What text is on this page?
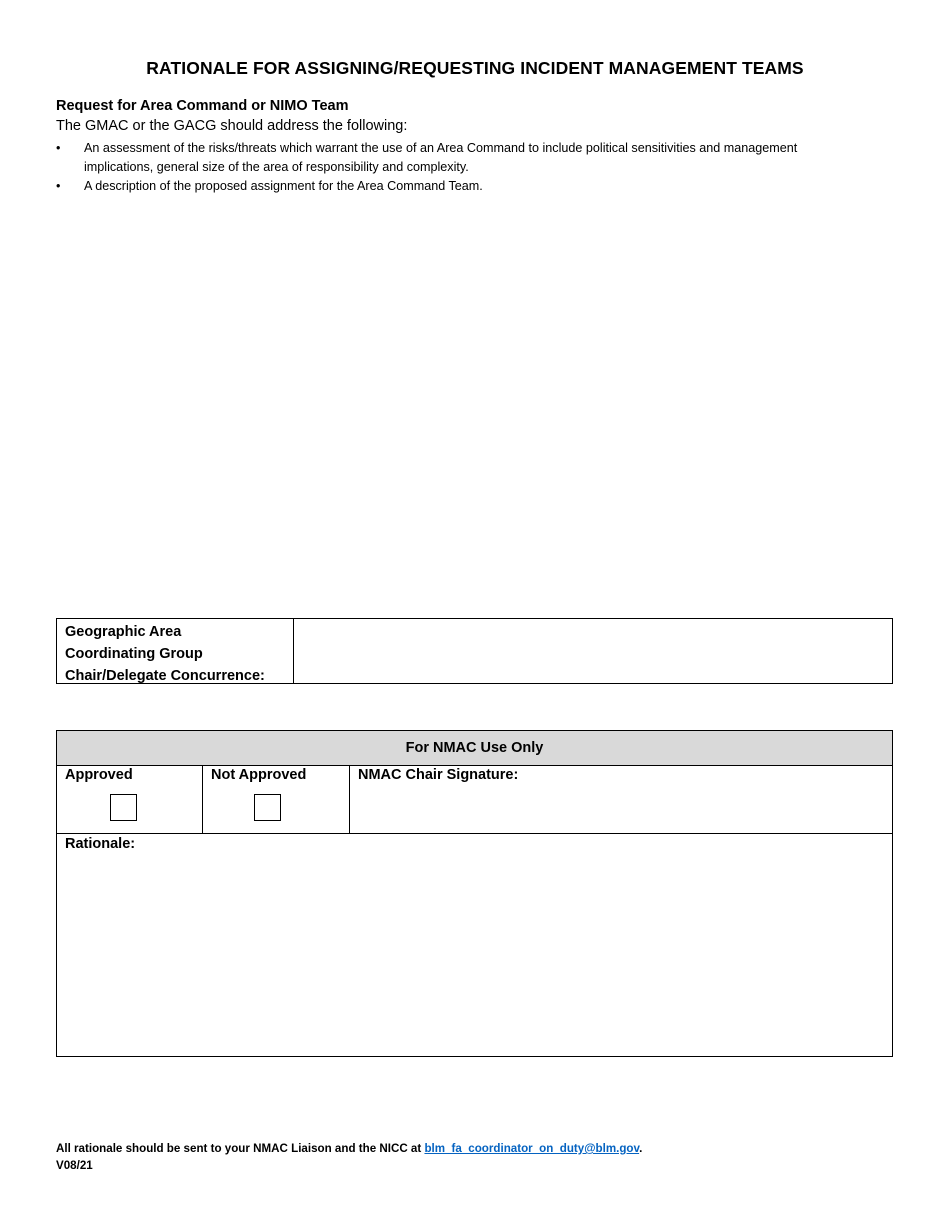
RATIONALE FOR ASSIGNING/REQUESTING INCIDENT MANAGEMENT TEAMS
Request for Area Command or NIMO Team
The GMAC or the GACG should address the following:
• An assessment of the risks/threats which warrant the use of an Area Command to include political sensitivities and management implications, general size of the area of responsibility and complexity.
• A description of the proposed assignment for the Area Command Team.
Geographic Area
Coordinating Group
Chair/Delegate Concurrence:
For NMAC Use Only
Approved	Not Approved	NMAC Chair Signature:
Rationale:
All rationale should be sent to your NMAC Liaison and the NICC at blm_fa_coordinator_on_duty@blm.gov.
V08/21
